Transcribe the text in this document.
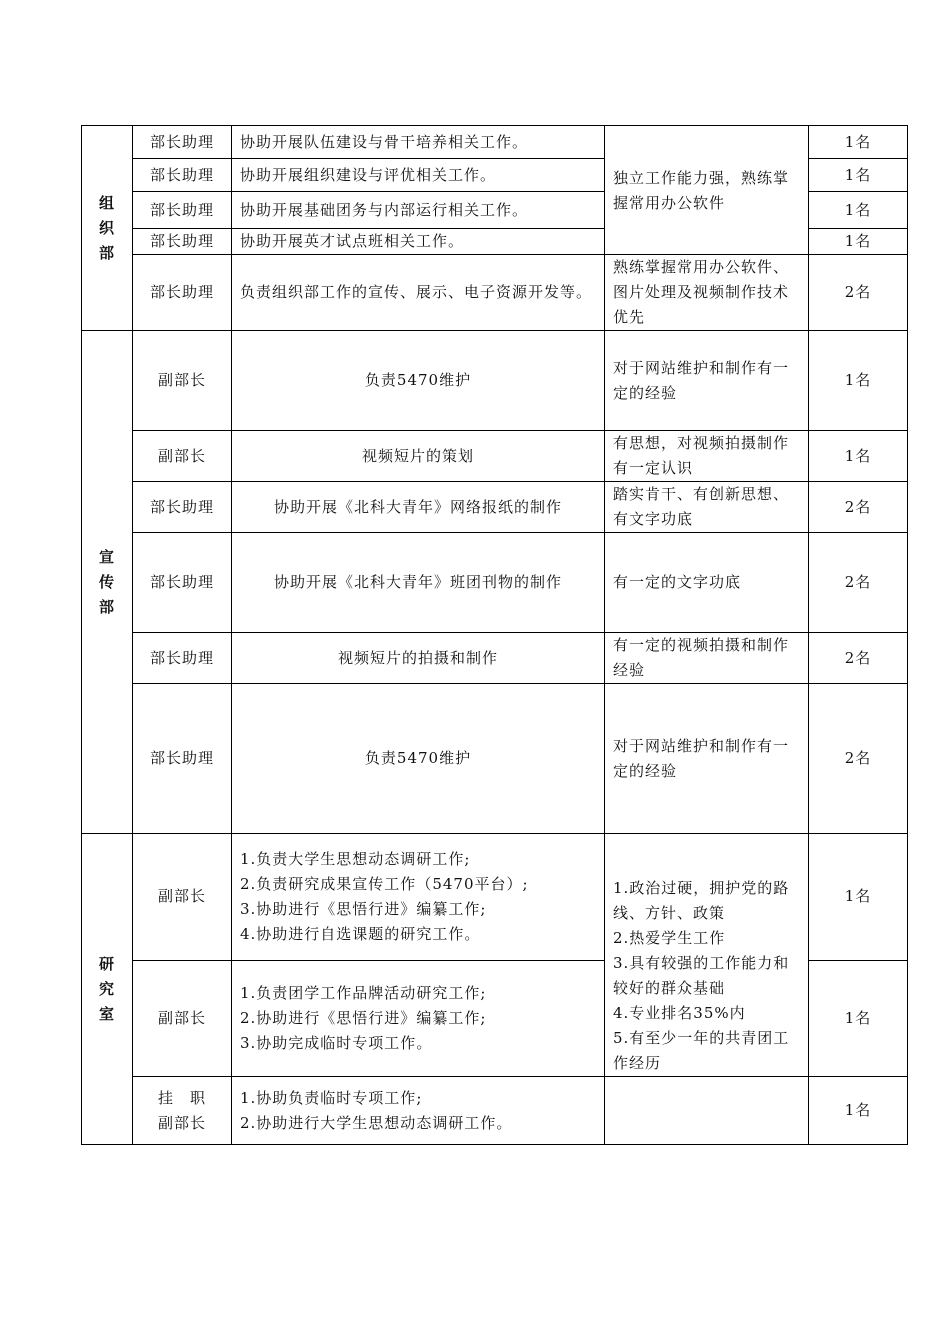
组
织
部	部长助理	协助开展队伍建设与骨干培养相关工作。	独立工作能力强，熟练掌握常用办公软件	1名
	部长助理	协助开展组织建设与评优相关工作。		1名
	部长助理	协助开展基础团务与内部运行相关工作。		1名
	部长助理	协助开展英才试点班相关工作。		1名
	部长助理	负责组织部工作的宣传、展示、电子资源开发等。	熟练掌握常用办公软件、图片处理及视频制作技术优先	2名

宣
传
部	副部长	负责5470维护	对于网站维护和制作有一定的经验	1名
	副部长	视频短片的策划	有思想，对视频拍摄制作有一定认识	1名
	部长助理	协助开展《北科大青年》网络报纸的制作	踏实肯干、有创新思想、有文字功底	2名
	部长助理	协助开展《北科大青年》班团刊物的制作	有一定的文字功底	2名
	部长助理	视频短片的拍摄和制作	有一定的视频拍摄和制作经验	2名
	部长助理	负责5470维护	对于网站维护和制作有一定的经验	2名

研
究
室	副部长	1.负责大学生思想动态调研工作;
2.负责研究成果宣传工作（5470平台）;
3.协助进行《思悟行进》编纂工作;
4.协助进行自选课题的研究工作。	1.政治过硬，拥护党的路线、方针、政策
2.热爱学生工作
3.具有较强的工作能力和较好的群众基础
4.专业排名35%内
5.有至少一年的共青团工作经历	1名
	副部长	1.负责团学工作品牌活动研究工作;
2.协助进行《思悟行进》编纂工作;
3.协助完成临时专项工作。		1名

	挂　职
副部长	1.协助负责临时专项工作;
2.协助进行大学生思想动态调研工作。		1名
